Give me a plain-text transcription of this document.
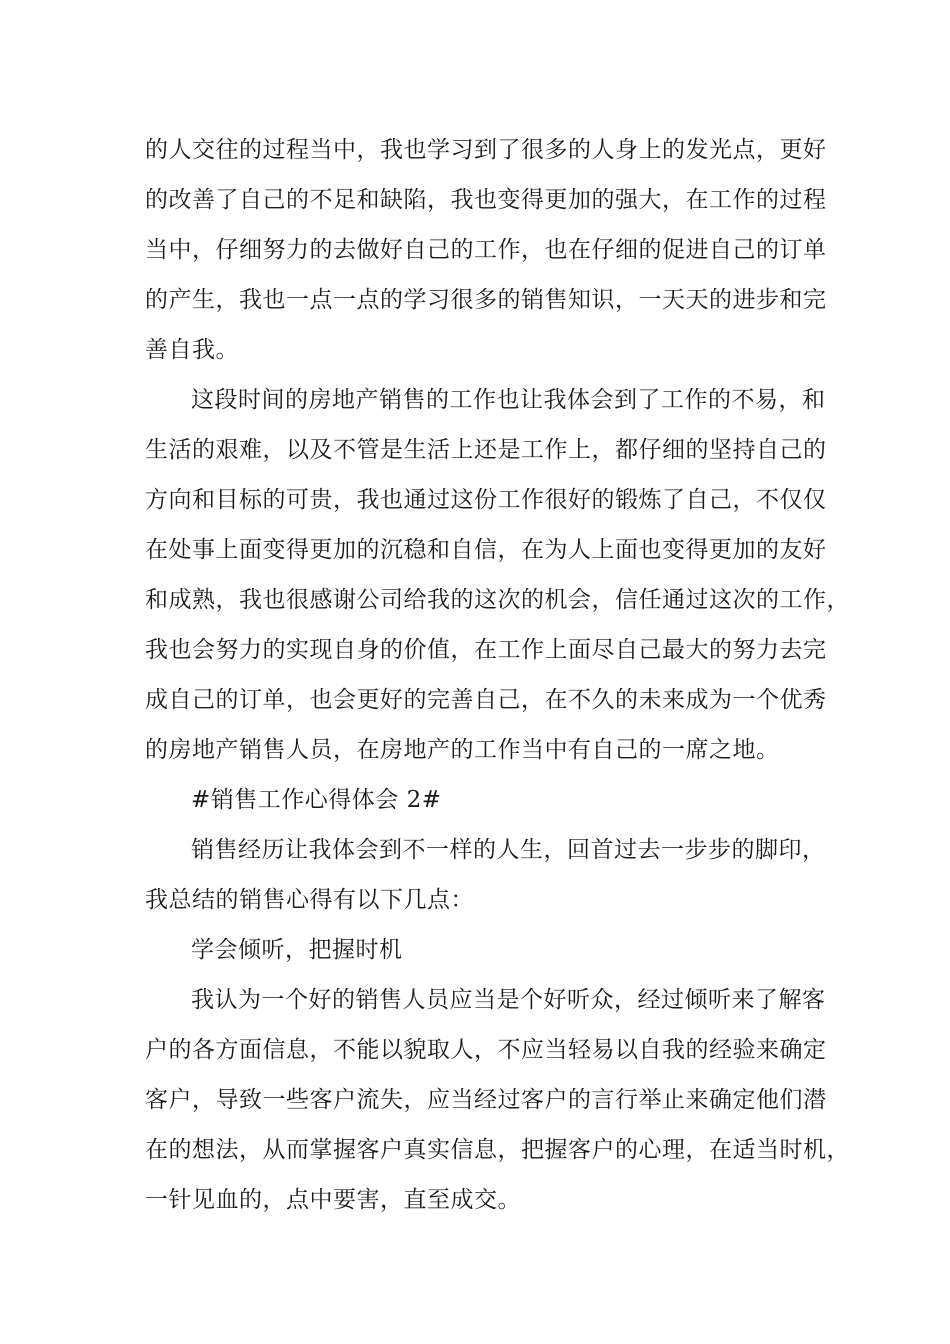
的人交往的过程当中，我也学习到了很多的人身上的发光点，更好
的改善了自己的不足和缺陷，我也变得更加的强大，在工作的过程
当中，仔细努力的去做好自己的工作，也在仔细的促进自己的订单
的产生，我也一点一点的学习很多的销售知识，一天天的进步和完
善自我。
这段时间的房地产销售的工作也让我体会到了工作的不易，和
生活的艰难，以及不管是生活上还是工作上，都仔细的坚持自己的
方向和目标的可贵，我也通过这份工作很好的锻炼了自己，不仅仅
在处事上面变得更加的沉稳和自信，在为人上面也变得更加的友好
和成熟，我也很感谢公司给我的这次的机会，信任通过这次的工作，
我也会努力的实现自身的价值，在工作上面尽自己最大的努力去完
成自己的订单，也会更好的完善自己，在不久的未来成为一个优秀
的房地产销售人员，在房地产的工作当中有自己的一席之地。
#销售工作心得体会 2#
销售经历让我体会到不一样的人生，回首过去一步步的脚印，
我总结的销售心得有以下几点：
学会倾听，把握时机
我认为一个好的销售人员应当是个好听众，经过倾听来了解客
户的各方面信息，不能以貌取人，不应当轻易以自我的经验来确定
客户，导致一些客户流失，应当经过客户的言行举止来确定他们潜
在的想法，从而掌握客户真实信息，把握客户的心理，在适当时机，
一针见血的，点中要害，直至成交。
